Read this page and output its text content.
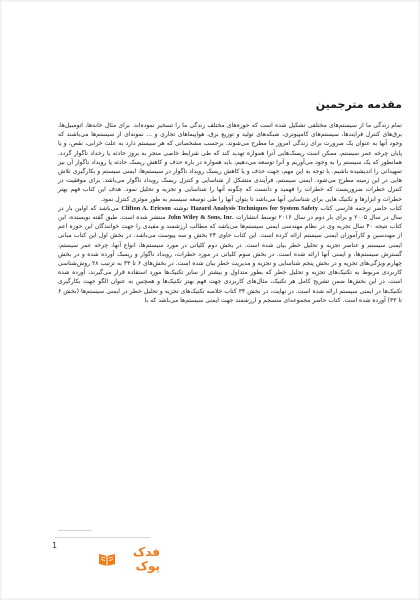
مقدمه مترجمین

تمام زندگی ما از سیستم‌های مختلفی تشکیل شده است که حوزه‌های مختلف زندگی ما را تسخیر نموده‌اند. برای مثال خانه‌ها، اتومبیل‌ها، برق‌های کنترل فرایندها، سیستم‌های کامپیوتری، شبکه‌های تولید و توزیع برق، هواپیماهای تجاری و ... نمونه‌ای از سیستم‌ها می‌باشند که وجود آنها به عنوان یک ضرورت برای زندگی امروز ما مطرح می‌شوند. برحسب مشخصاتی که هر سیستم دارد به علت خرابی، نقص، و یا پایان چرخه عمر سیستم، ممکن است ریسک‌هایی آنرا همواره تهدید کند که طی شرایط خاصی منجر به بروز حادثه یا رخداد ناگوار گردد. همانطور که یک سیستم را به وجود می‌آوریم و آنرا توسعه می‌دهیم، باید همواره در باره حذف و کاهش ریسک حادثه یا رویداد ناگوار آن نیز تمهیداتی را اندیشیده باشیم. با توجه به این مهم، جهت حذف و یا کاهش ریسک رویداد ناگوار در سیستم‌ها، ایمنی سیستم و بکارگیری تلاش هایی در این زمینه مطرح می‌شود. ایمنی سیستم، فرآیندی متشکل از شناسایی و کنترل ریسک رویداد ناگوار می‌باشد. برای موفقیت در کنترل خطرات ضروریست که خطرات را فهمید و دانست که چگونه آنها را شناسایی و تجزیه و تحلیل نمود. هدف این کتاب فهم بهتر خطرات و ابزارها و تکنیک هایی برای شناسایی آنها می‌باشد تا بتوان آنها را طی توسعه سیستم به طور موثری کنترل نمود.

کتاب حاضر ترجمه فارسی کتاب Hazard Analysis Techniques for System Safety نوشته Clifton A. Ericson می‌باشد که اولین بار در سال در سال ۲۰۰۵ و برای بار دوم در سال ۲۰۱۶ توسط انتشارات John Wiley & Sons, Inc. منتشر شده است. طبق گفته نویسنده، این کتاب نتیجه ۴۰ سال تجربه وی در نظام مهندسی ایمنی سیستم‌ها می‌باشد که مطالب ارزشمند و مفیدی را جهت خوانندگان این حوزه اعم از مهندسین و کارآموزان ایمنی سیستم ارائه کرده است. این کتاب حاوی ۲۴ بخش و سه پیوست می‌باشد. در بخش اول این کتاب مبانی ایمنی سیستم و عناصر تجزیه و تحلیل خطر بیان شده است. در بخش دوم کلیاتی در مورد سیستم‌ها، انواع آنها، چرخه عمر سیستم، گسترش سیستم‌ها، و ایمنی آنها ارائه شده است. در بخش سوم کلیاتی در مورد خطرات، رویداد ناگوار و ریسک آورده شده و در بخش چهارم ویژگی‌های تجزیه و در بخش پنجم شناسایی و تجزیه و مدیریت خطر بیان شده است. در بخش‌های ۶ تا ۳۳ به ترتیب ۲۸ روش‌شناسی کاربردی مربوط به تکنیک‌های تجزیه و تحلیل خطر که بطور متداول و بیشتر از سایر تکنیک‌ها مورد استفاده قرار می‌گیرند، آورده شده است. در این بخش‌ها ضمن تشریح کامل هر تکنیک، مثال‌های کاربردی جهت فهم بهتر تکنیک‌ها و همچنین به عنوان الگو جهت بکارگیری تکنیک‌ها در ایمنی سیستم ارائه شده است. در نهایت، در بخش ۳۴ کتاب خلاصه تکنیک‌های تجزیه و تحلیل خطر در ایمنی سیستم‌ها (بخش ۶ تا ۳۳) آورده شده است. کتاب حاضر مجموعه‌ای منسجم و ارزشمند جهت ایمنی سیستم‌ها می‌باشد که با

▔▔▔▔▔▔▔▔▔▔▔
1	فدک پوک
